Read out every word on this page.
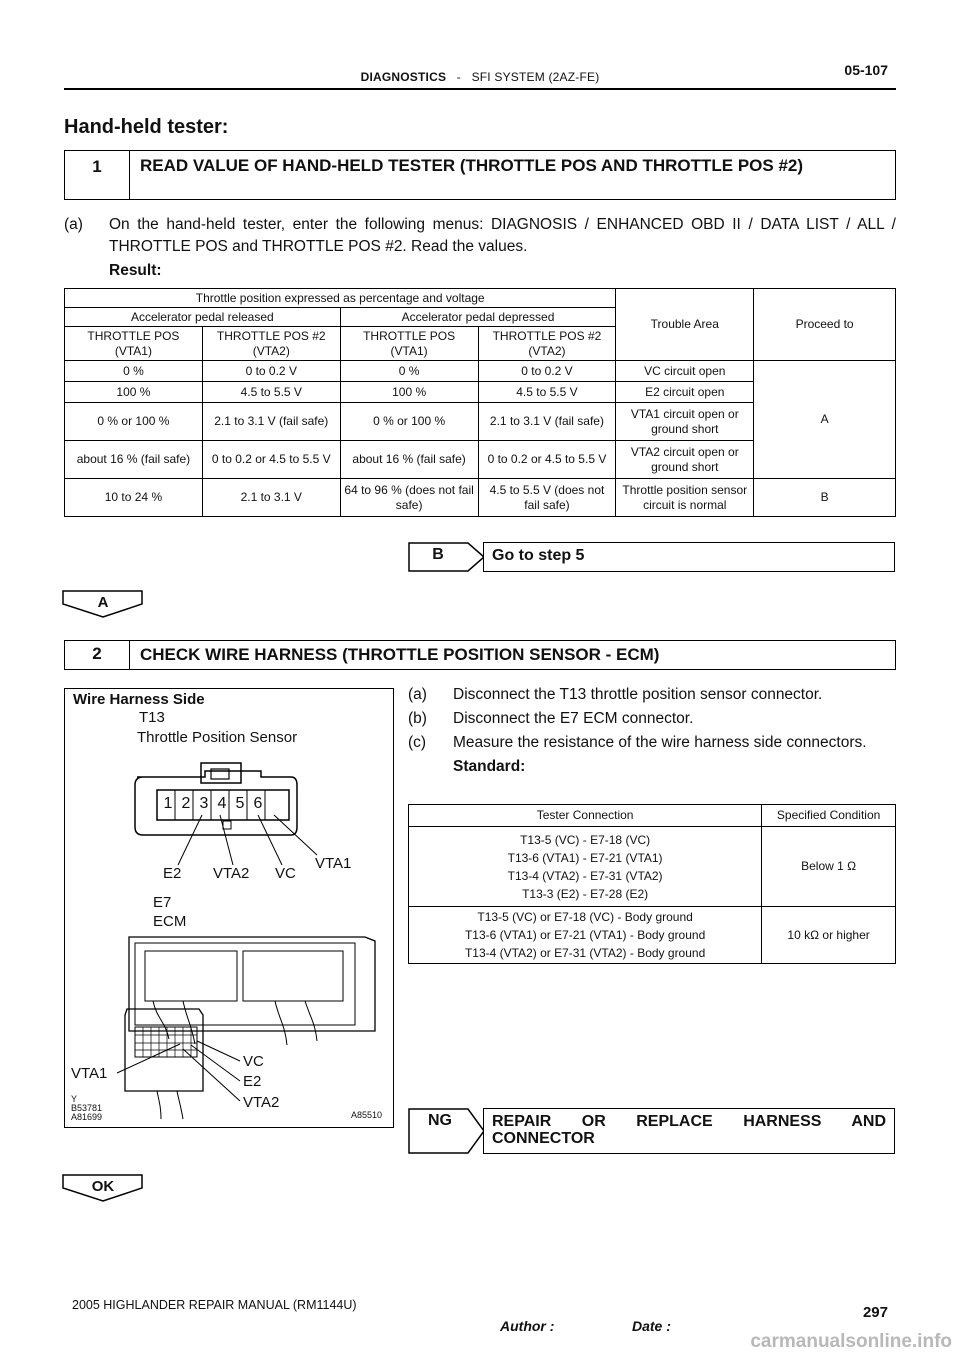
DIAGNOSTICS - SFI SYSTEM (2AZ-FE)	05-107
Hand-held tester:
1	READ VALUE OF HAND-HELD TESTER (THROTTLE POS AND THROTTLE POS #2)
(a)	On the hand-held tester, enter the following menus: DIAGNOSIS / ENHANCED OBD II / DATA LIST / ALL / THROTTLE POS and THROTTLE POS #2. Read the values.
Result:
Throttle position expressed as percentage and voltage				Trouble Area	Proceed to
Accelerator pedal released		Accelerator pedal depressed			
THROTTLE POS (VTA1)	THROTTLE POS #2 (VTA2)	THROTTLE POS (VTA1)	THROTTLE POS #2 (VTA2)		
0 %	0 to 0.2 V	0 %	0 to 0.2 V	VC circuit open	A
100 %	4.5 to 5.5 V	100 %	4.5 to 5.5 V	E2 circuit open	
0 % or 100 %	2.1 to 3.1 V (fail safe)	0 % or 100 %	2.1 to 3.1 V (fail safe)	VTA1 circuit open or ground short	
about 16 % (fail safe)	0 to 0.2 or 4.5 to 5.5 V	about 16 % (fail safe)	0 to 0.2 or 4.5 to 5.5 V	VTA2 circuit open or ground short	
10 to 24 %	2.1 to 3.1 V	64 to 96 % (does not fail safe)	4.5 to 5.5 V (does not fail safe)	Throttle position sensor circuit is normal	B
B	Go to step 5
A
2	CHECK WIRE HARNESS (THROTTLE POSITION SENSOR - ECM)
Wire Harness Side
T13
Throttle Position Sensor
1 2 3 4 5 6
E2 VTA2 VC
VTA1
E7
ECM
VTA1
VC
E2
VTA2
Y
B53781
A81699	A85510
(a)	Disconnect the T13 throttle position sensor connector.
(b)	Disconnect the E7 ECM connector.
(c)	Measure the resistance of the wire harness side connectors.
Standard:
Tester Connection	Specified Condition

T13-5 (VC) - E7-18 (VC)
T13-6 (VTA1) - E7-21 (VTA1)
T13-4 (VTA2) - E7-31 (VTA2)
T13-3 (E2) - E7-28 (E2)	Below 1 Ω

T13-5 (VC) or E7-18 (VC) - Body ground
T13-6 (VTA1) or E7-21 (VTA1) - Body ground
T13-4 (VTA2) or E7-31 (VTA2) - Body ground	10 kΩ or higher
NG	REPAIR OR REPLACE HARNESS AND CONNECTOR
OK
2005 HIGHLANDER REPAIR MANUAL (RM1144U)
Author :	Date :
297
carmanualsonline.info
